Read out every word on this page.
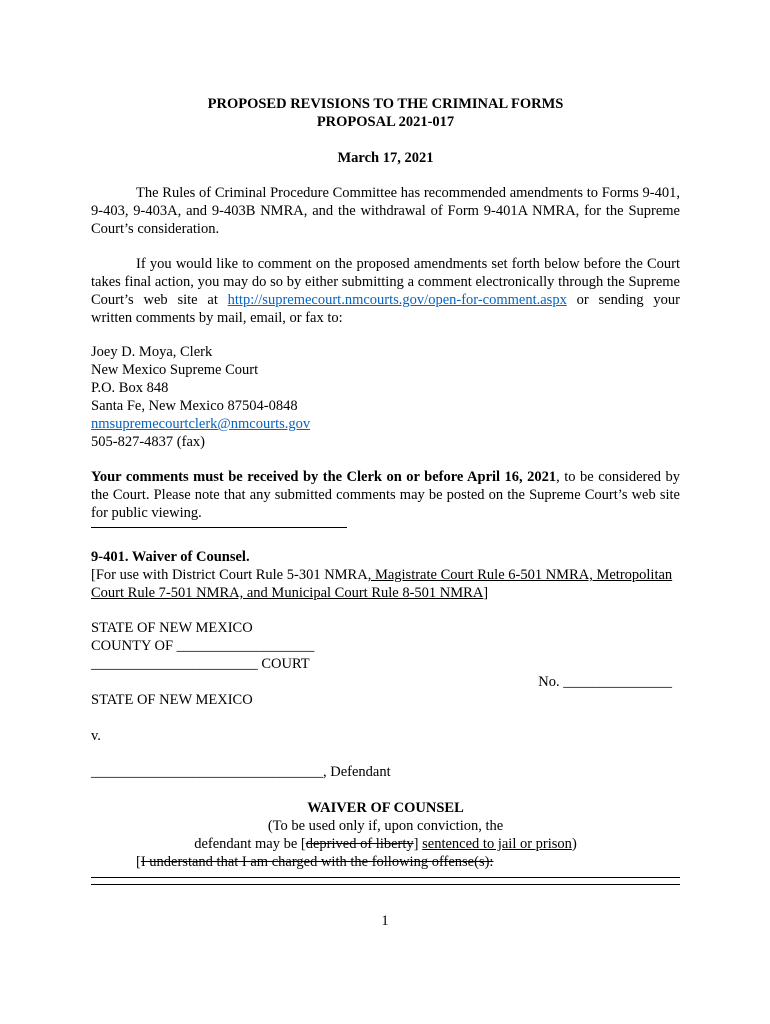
PROPOSED REVISIONS TO THE CRIMINAL FORMS
PROPOSAL 2021-017
March 17, 2021

The Rules of Criminal Procedure Committee has recommended amendments to Forms 9-401, 9-403, 9-403A, and 9-403B NMRA, and the withdrawal of Form 9-401A NMRA, for the Supreme Court’s consideration.

If you would like to comment on the proposed amendments set forth below before the Court takes final action, you may do so by either submitting a comment electronically through the Supreme Court’s web site at http://supremecourt.nmcourts.gov/open-for-comment.aspx or sending your written comments by mail, email, or fax to:

Joey D. Moya, Clerk
New Mexico Supreme Court
P.O. Box 848
Santa Fe, New Mexico 87504-0848
nmsupremecourtclerk@nmcourts.gov
505-827-4837 (fax)

Your comments must be received by the Clerk on or before April 16, 2021, to be considered by the Court. Please note that any submitted comments may be posted on the Supreme Court’s web site for public viewing.

9-401. Waiver of Counsel.

[For use with District Court Rule 5-301 NMRA, Magistrate Court Rule 6-501 NMRA, Metropolitan Court Rule 7-501 NMRA, and Municipal Court Rule 8-501 NMRA]

STATE OF NEW MEXICO
COUNTY OF ___________________
_______________________ COURT
No. _______________
STATE OF NEW MEXICO
v.
________________________________, Defendant
WAIVER OF COUNSEL
(To be used only if, upon conviction, the
defendant may be [deprived of liberty] sentenced to jail or prison)
[I understand that I am charged with the following offense(s):
1
